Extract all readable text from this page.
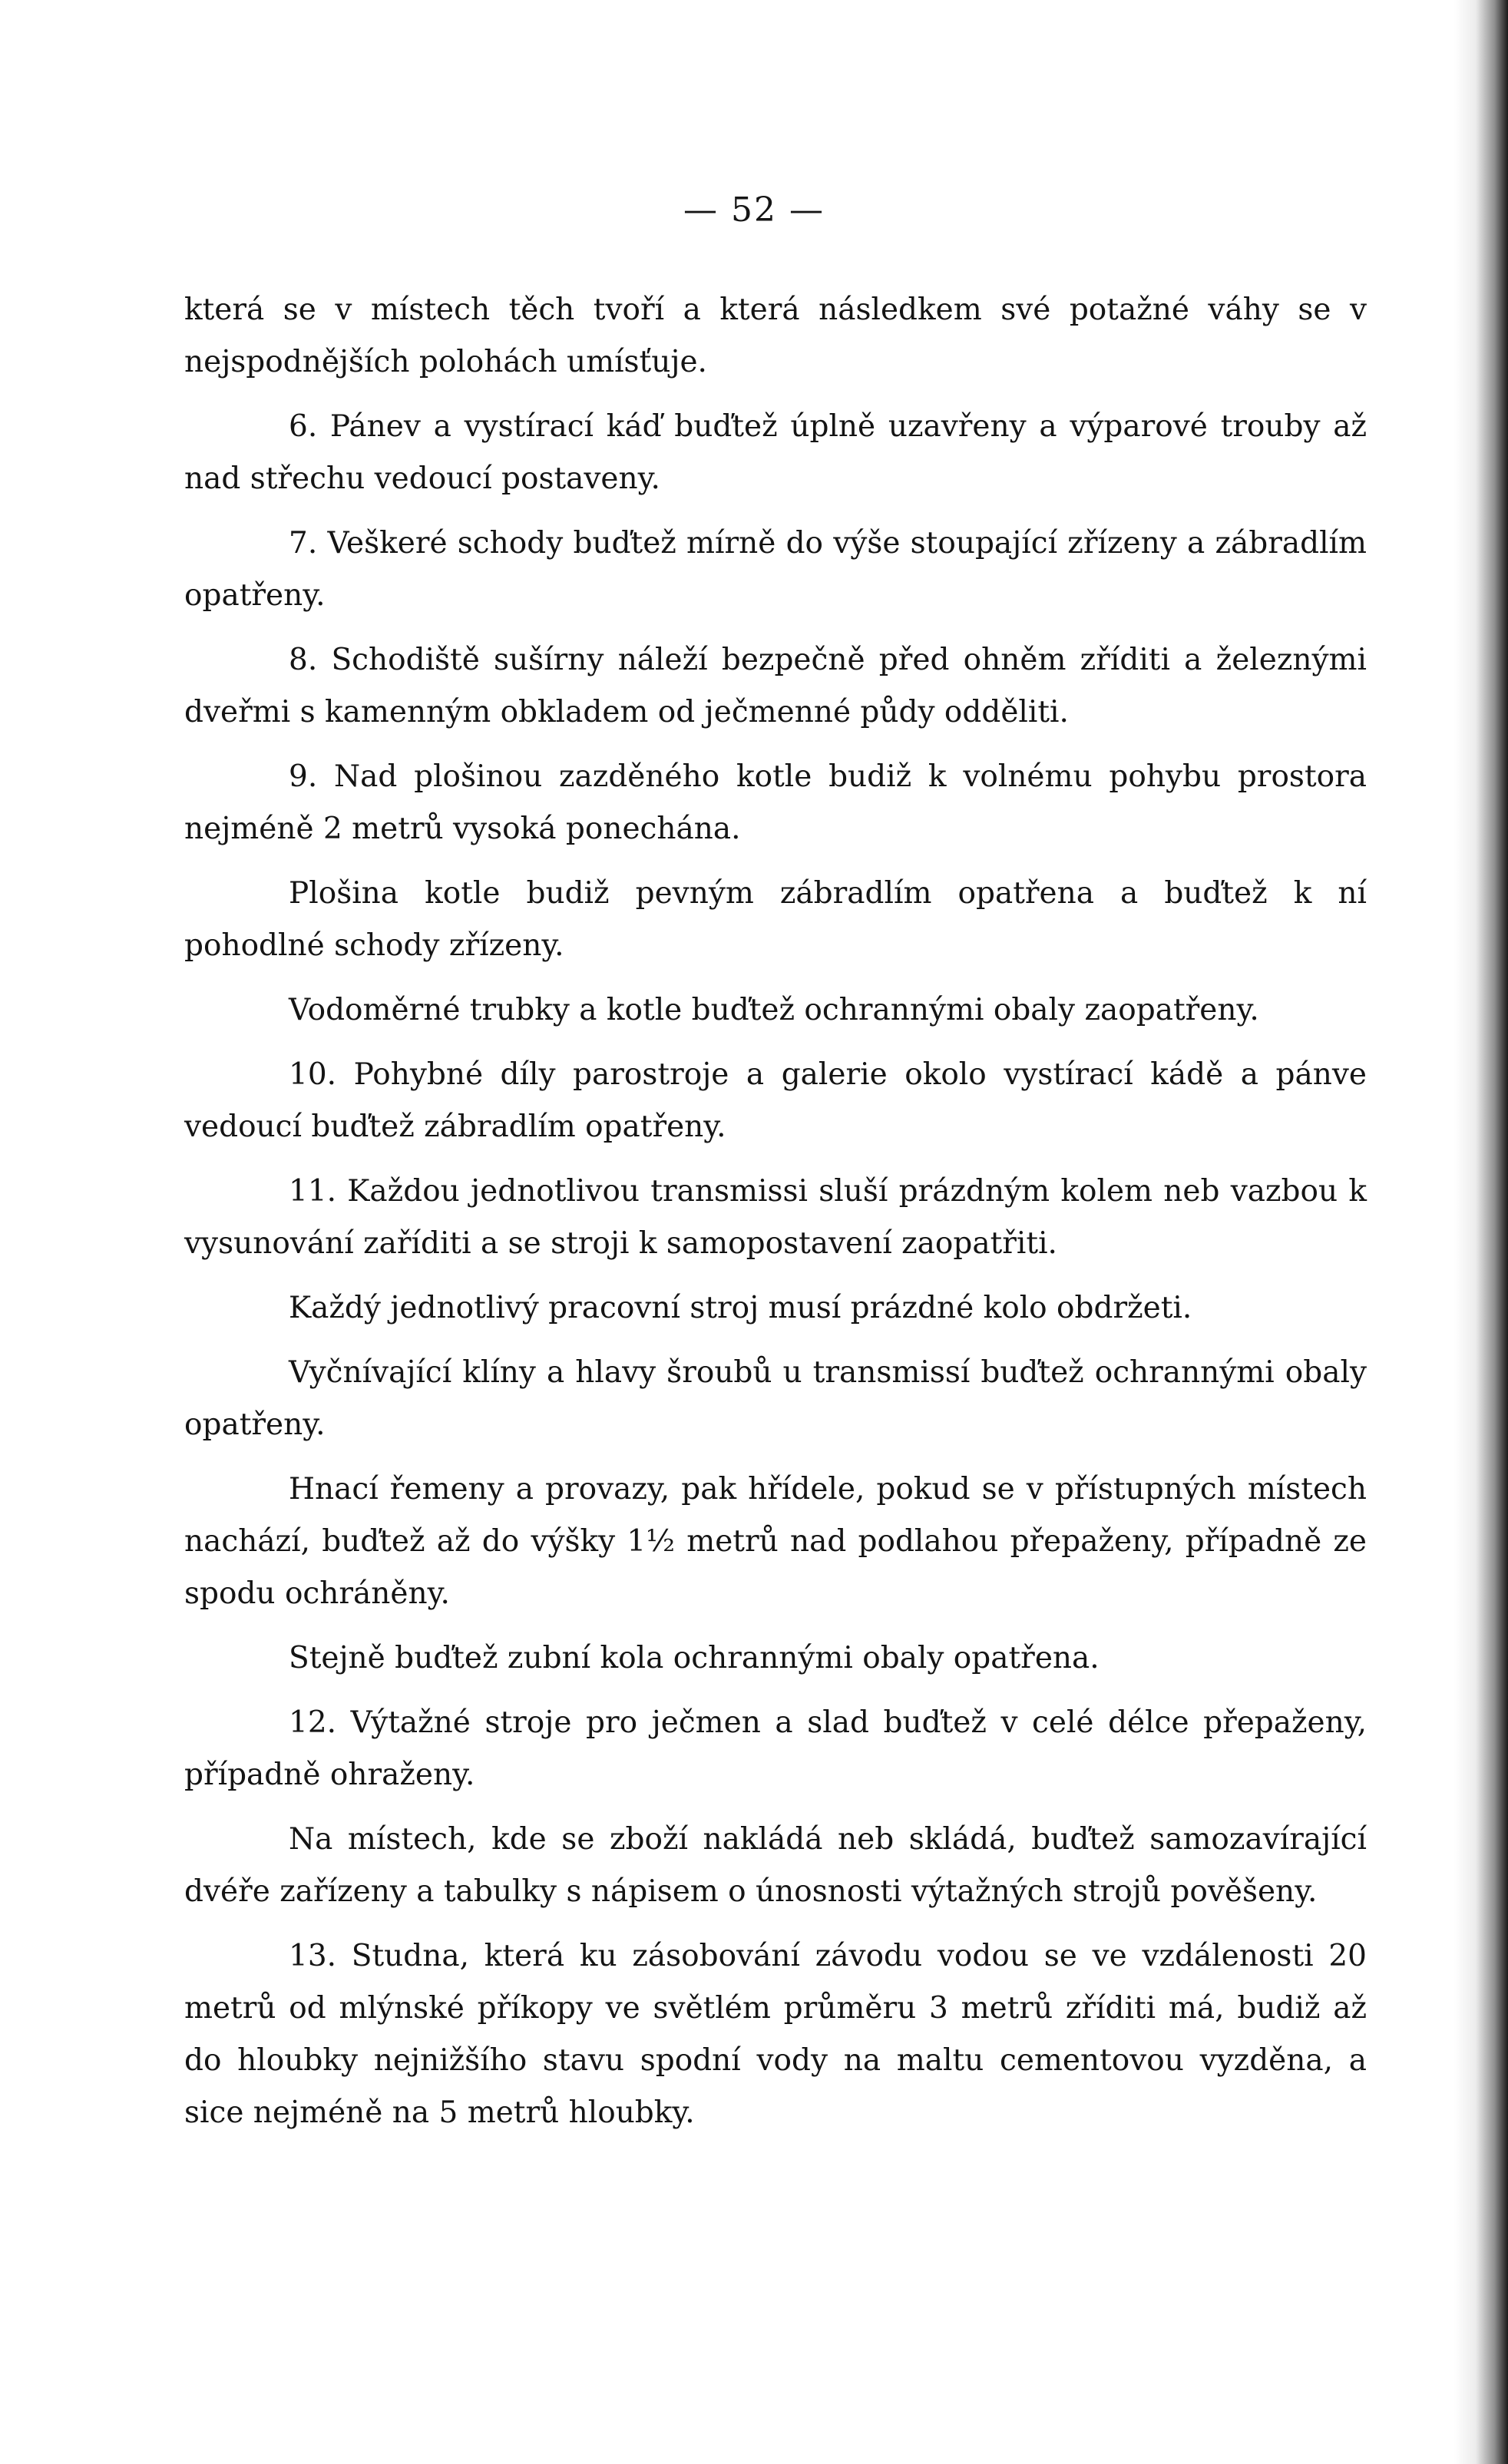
— 52 —

která se v místech těch tvoří a která následkem své potažné váhy se v nejspodnějších polohách umísťuje.

6. Pánev a vystírací káď buďtež úplně uzavřeny a výparové trouby až nad střechu vedoucí postaveny.

7. Veškeré schody buďtež mírně do výše stoupající zřízeny a zábradlím opatřeny.

8. Schodiště sušírny náleží bezpečně před ohněm zříditi a železnými dveřmi s kamenným obkladem od ječmenné půdy odděliti.

9. Nad plošinou zazděného kotle budiž k volnému pohybu prostora nejméně 2 metrů vysoká ponechána.

Plošina kotle budiž pevným zábradlím opatřena a buďtež k ní pohodlné schody zřízeny.

Vodoměrné trubky a kotle buďtež ochrannými obaly zaopatřeny.

10. Pohybné díly parostroje a galerie okolo vystírací kádě a pánve vedoucí buďtež zábradlím opatřeny.

11. Každou jednotlivou transmissi sluší prázdným kolem neb vazbou k vysunování zaříditi a se stroji k samopostavení zaopatřiti.

Každý jednotlivý pracovní stroj musí prázdné kolo obdržeti.

Vyčnívající klíny a hlavy šroubů u transmissí buďtež ochrannými obaly opatřeny.

Hnací řemeny a provazy, pak hřídele, pokud se v přístupných místech nachází, buďtež až do výšky 1½ metrů nad podlahou přepaženy, případně ze spodu ochráněny.

Stejně buďtež zubní kola ochrannými obaly opatřena.

12. Výtažné stroje pro ječmen a slad buďtež v celé délce přepaženy, případně ohraženy.

Na místech, kde se zboží nakládá neb skládá, buďtež samozavírající dvéře zařízeny a tabulky s nápisem o únosnosti výtažných strojů pověšeny.

13. Studna, která ku zásobování závodu vodou se ve vzdálenosti 20 metrů od mlýnské příkopy ve světlém průměru 3 metrů zříditi má, budiž až do hloubky nejnižšího stavu spodní vody na maltu cementovou vyzděna, a sice nejméně na 5 metrů hloubky.
